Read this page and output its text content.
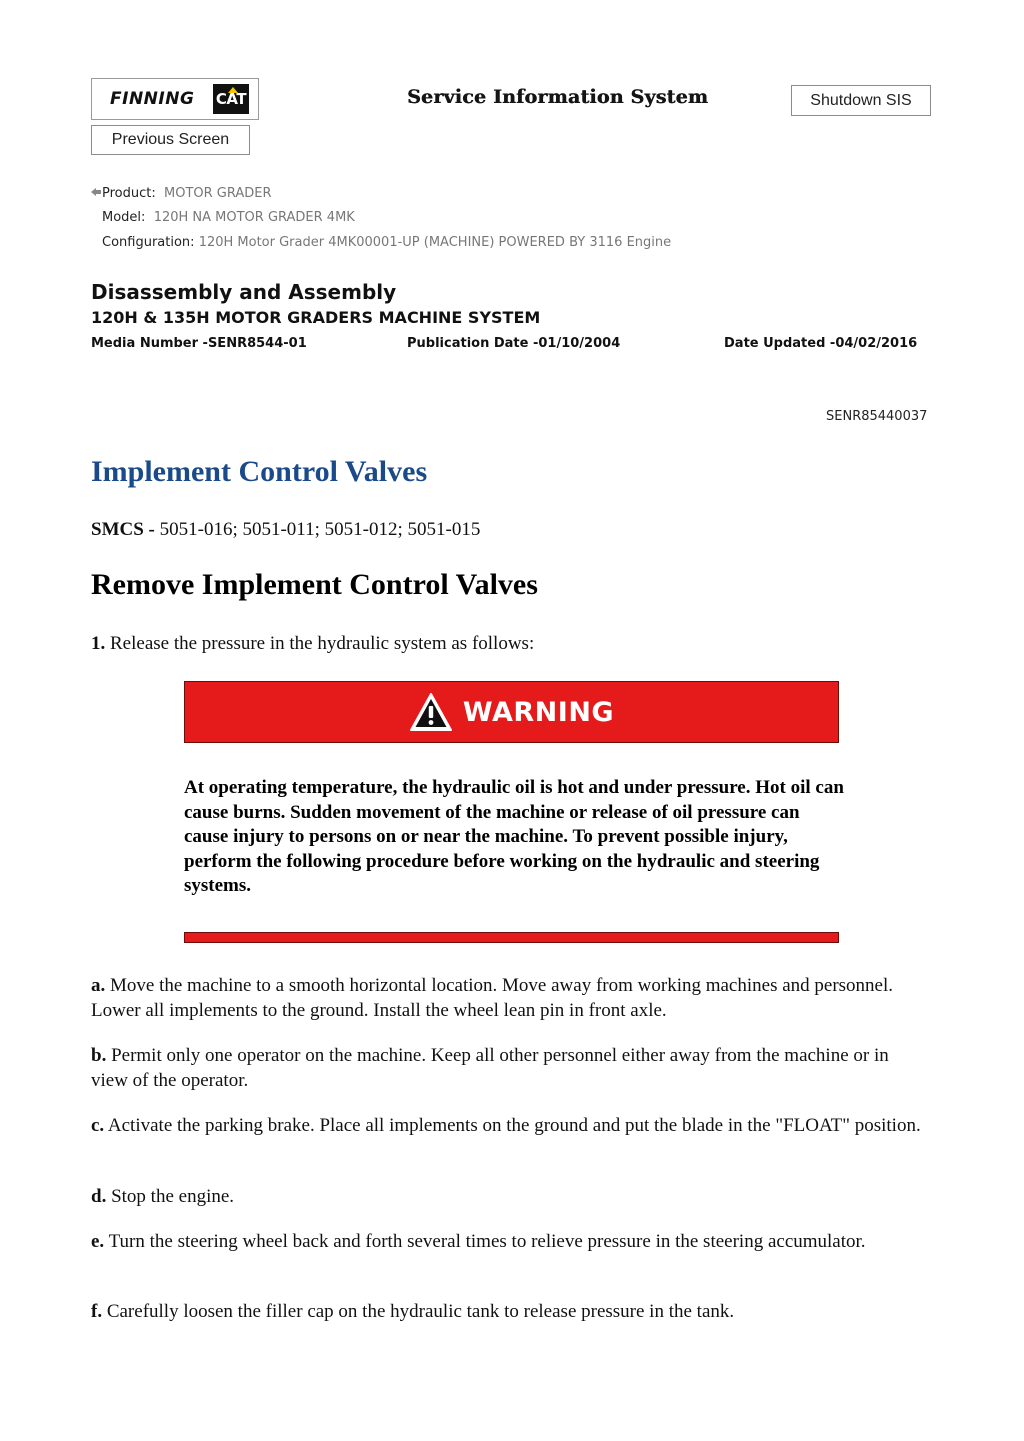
FINNING CAT	Service Information System	Shutdown SIS
Previous Screen
Product: MOTOR GRADER
Model: 120H NA MOTOR GRADER 4MK
Configuration: 120H Motor Grader 4MK00001-UP (MACHINE) POWERED BY 3116 Engine
Disassembly and Assembly
120H & 135H MOTOR GRADERS MACHINE SYSTEM
Media Number -SENR8544-01	Publication Date -01/10/2004	Date Updated -04/02/2016
SENR85440037
Implement Control Valves
SMCS - 5051-016; 5051-011; 5051-012; 5051-015
Remove Implement Control Valves
1. Release the pressure in the hydraulic system as follows:
WARNING
At operating temperature, the hydraulic oil is hot and under pressure. Hot oil can cause burns. Sudden movement of the machine or release of oil pressure can cause injury to persons on or near the machine. To prevent possible injury, perform the following procedure before working on the hydraulic and steering systems.
a. Move the machine to a smooth horizontal location. Move away from working machines and personnel. Lower all implements to the ground. Install the wheel lean pin in front axle.
b. Permit only one operator on the machine. Keep all other personnel either away from the machine or in view of the operator.
c. Activate the parking brake. Place all implements on the ground and put the blade in the "FLOAT" position.
d. Stop the engine.
e. Turn the steering wheel back and forth several times to relieve pressure in the steering accumulator.
f. Carefully loosen the filler cap on the hydraulic tank to release pressure in the tank.
